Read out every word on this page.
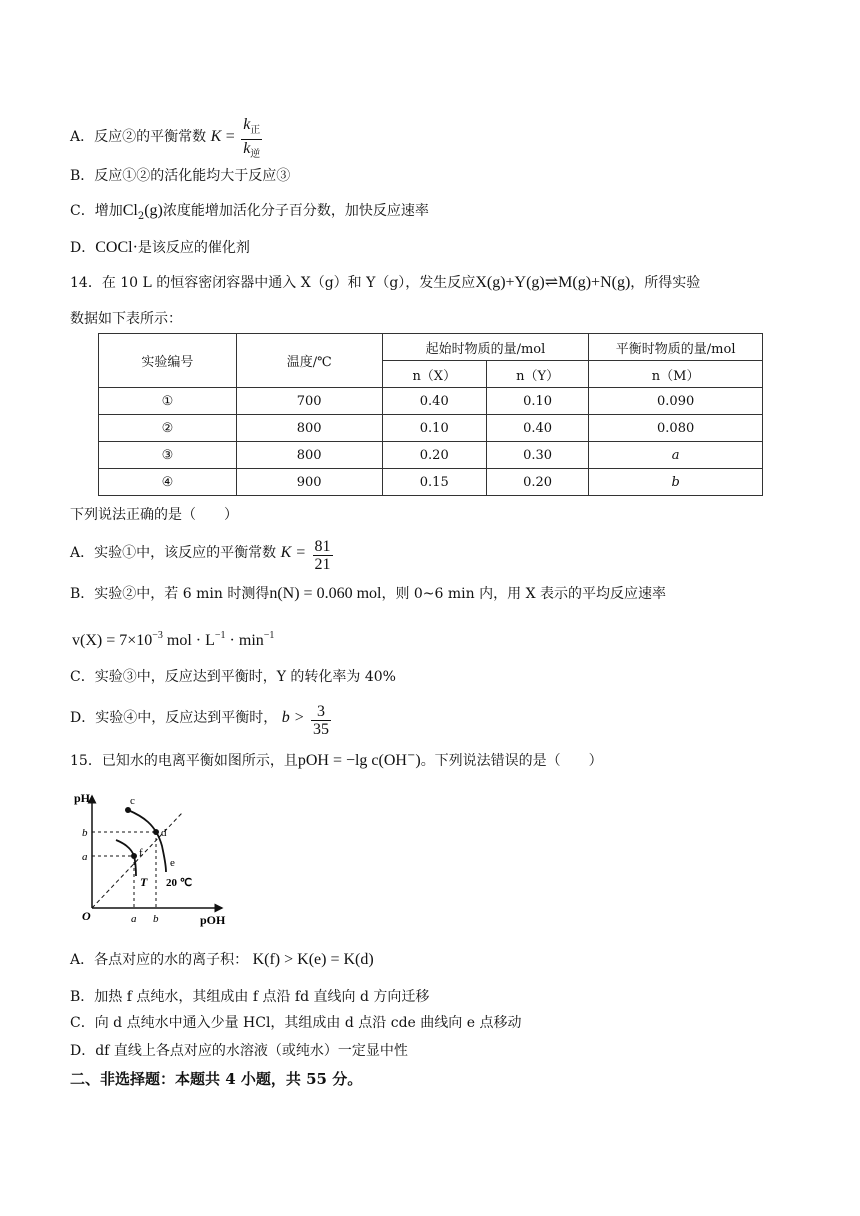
A．反应②的平衡常数 $K = \frac{k_正}{k_逆}$
B．反应①②的活化能均大于反应③
C．增加$Cl_2(g)$浓度能增加活化分子百分数，加快反应速率
D．COCl·是该反应的催化剂
14．在 10 L 的恒容密闭容器中通入 X（g）和 Y（g），发生反应X(g)+Y(g)⇌M(g)+N(g)，所得实验
数据如下表所示：
实验编号	温度/℃	起始时物质的量/mol		平衡时物质的量/mol
		n（X）	n（Y）	n（M）
①	700	0.40	0.10	0.090
②	800	0.10	0.40	0.080
③	800	0.20	0.30	a
④	900	0.15	0.20	b
下列说法正确的是（　　）
A．实验①中，该反应的平衡常数 $K = \frac{81}{21}$
B．实验②中，若 6 min 时测得n(N) = 0.060 mol，则 0~6 min 内，用 X 表示的平均反应速率
$v(X) = 7\times 10^{-3}$ mol · $L^{-1} \cdot \min^{-1}$
C．实验③中，反应达到平衡时，Y 的转化率为 40%
D．实验④中，反应达到平衡时， $b > \frac{3}{35}$
15．已知水的电离平衡如图所示，且pOH = −lg c(OH−)。下列说法错误的是（　　）
pH
pOH
O	a b
a
b
c
d
e
f
T 20 ℃
A．各点对应的水的离子积： K(f) > K(e) = K(d)
B．加热 f 点纯水，其组成由 f 点沿 fd 直线向 d 方向迁移
C．向 d 点纯水中通入少量 HCl，其组成由 d 点沿 cde 曲线向 e 点移动
D．df 直线上各点对应的水溶液（或纯水）一定显中性
二、非选择题：本题共 4 小题，共 55 分。
